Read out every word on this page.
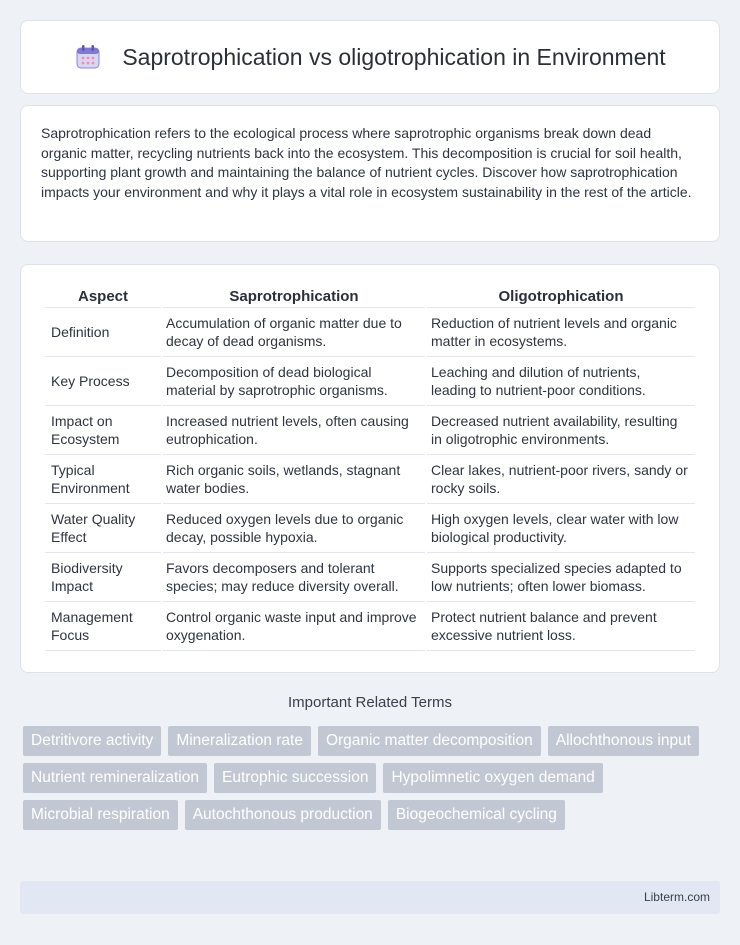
Saprotrophication vs oligotrophication in Environment

Saprotrophication refers to the ecological process where saprotrophic organisms break down dead organic matter, recycling nutrients back into the ecosystem. This decomposition is crucial for soil health, supporting plant growth and maintaining the balance of nutrient cycles. Discover how saprotrophication impacts your environment and why it plays a vital role in ecosystem sustainability in the rest of the article.

Aspect	Saprotrophication	Oligotrophication
Definition	Accumulation of organic matter due to decay of dead organisms.	Reduction of nutrient levels and organic matter in ecosystems.
Key Process	Decomposition of dead biological material by saprotrophic organisms.	Leaching and dilution of nutrients, leading to nutrient-poor conditions.
Impact on Ecosystem	Increased nutrient levels, often causing eutrophication.	Decreased nutrient availability, resulting in oligotrophic environments.
Typical Environment	Rich organic soils, wetlands, stagnant water bodies.	Clear lakes, nutrient-poor rivers, sandy or rocky soils.
Water Quality Effect	Reduced oxygen levels due to organic decay, possible hypoxia.	High oxygen levels, clear water with low biological productivity.
Biodiversity Impact	Favors decomposers and tolerant species; may reduce diversity overall.	Supports specialized species adapted to low nutrients; often lower biomass.
Management Focus	Control organic waste input and improve oxygenation.	Protect nutrient balance and prevent excessive nutrient loss.
Important Related Terms
Detritivore activity	Mineralization rate	Organic matter decomposition	Allochthonous input
Nutrient remineralization	Eutrophic succession	Hypolimnetic oxygen demand
Microbial respiration	Autochthonous production	Biogeochemical cycling
Libterm.com
